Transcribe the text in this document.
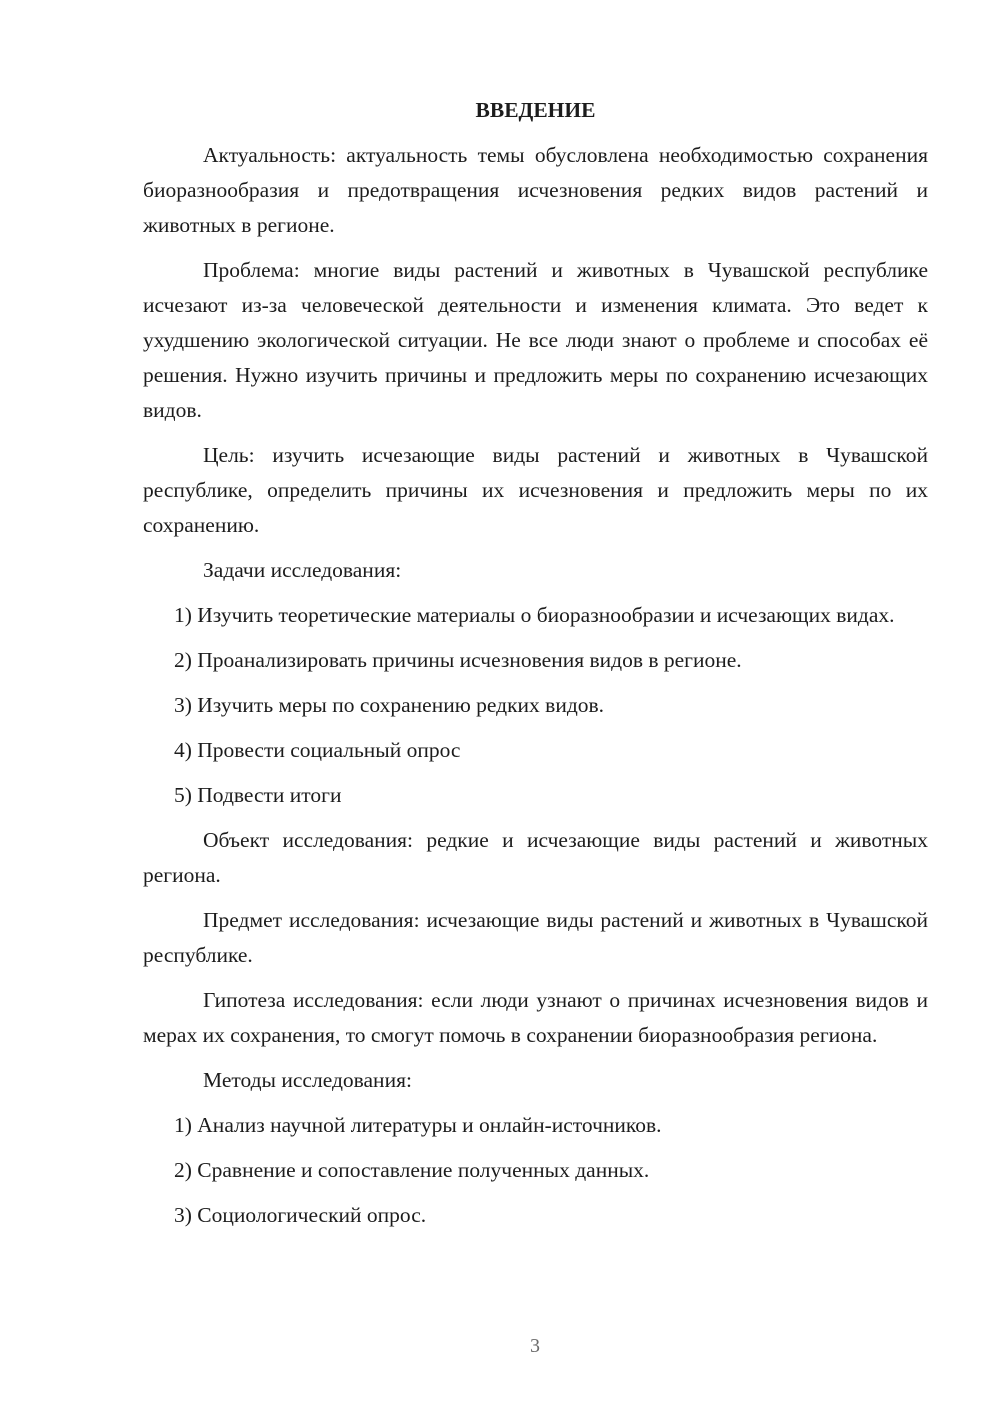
ВВЕДЕНИЕ

Актуальность: актуальность темы обусловлена необходимостью сохранения биоразнообразия и предотвращения исчезновения редких видов растений и животных в регионе.

Проблема: многие виды растений и животных в Чувашской республике исчезают из-за человеческой деятельности и изменения климата. Это ведет к ухудшению экологической ситуации. Не все люди знают о проблеме и способах её решения. Нужно изучить причины и предложить меры по сохранению исчезающих видов.

Цель: изучить исчезающие виды растений и животных в Чувашской республике, определить причины их исчезновения и предложить меры по их сохранению.

Задачи исследования:

1) Изучить теоретические материалы о биоразнообразии и исчезающих видах.

2) Проанализировать причины исчезновения видов в регионе.

3) Изучить меры по сохранению редких видов.

4) Провести социальный опрос

5) Подвести итоги

Объект исследования: редкие и исчезающие виды растений и животных региона.

Предмет исследования: исчезающие виды растений и животных в Чувашской республике.

Гипотеза исследования: если люди узнают о причинах исчезновения видов и мерах их сохранения, то смогут помочь в сохранении биоразнообразия региона.

Методы исследования:

1) Анализ научной литературы и онлайн-источников.

2) Сравнение и сопоставление полученных данных.

3) Социологический опрос.

3
